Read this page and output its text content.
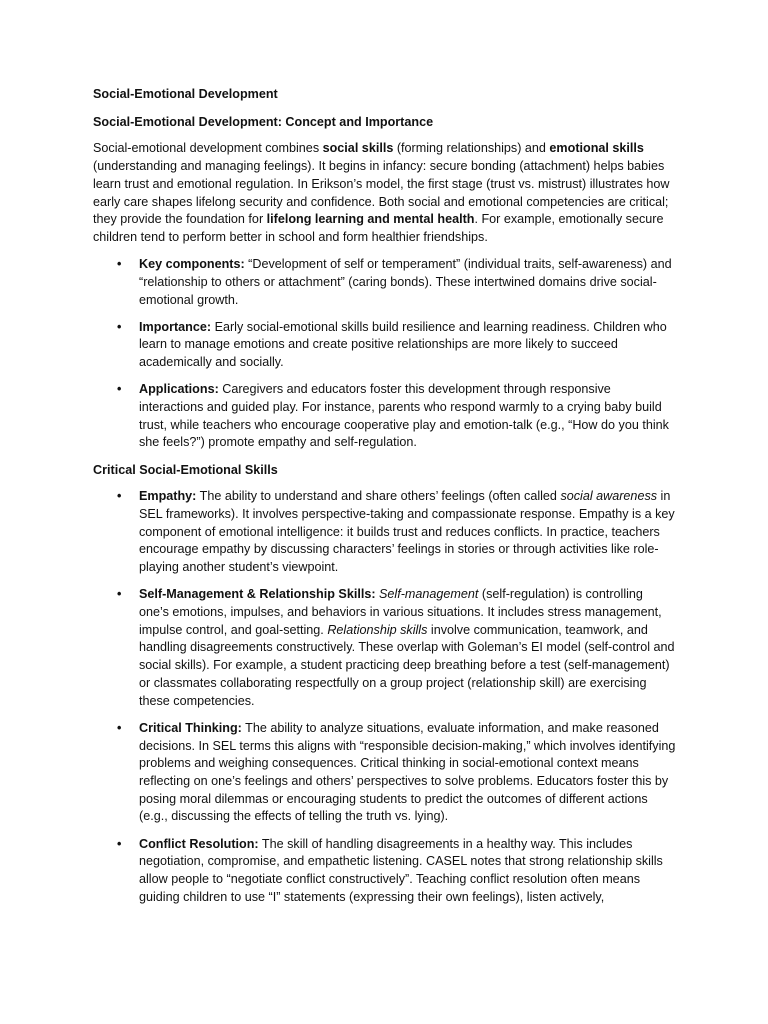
Social-Emotional Development
Social-Emotional Development: Concept and Importance

Social-emotional development combines social skills (forming relationships) and emotional skills (understanding and managing feelings). It begins in infancy: secure bonding (attachment) helps babies learn trust and emotional regulation. In Erikson’s model, the first stage (trust vs. mistrust) illustrates how early care shapes lifelong security and confidence. Both social and emotional competencies are critical; they provide the foundation for lifelong learning and mental health. For example, emotionally secure children tend to perform better in school and form healthier friendships.

• Key components: “Development of self or temperament” (individual traits, self-awareness) and “relationship to others or attachment” (caring bonds). These intertwined domains drive social-emotional growth.
• Importance: Early social-emotional skills build resilience and learning readiness. Children who learn to manage emotions and create positive relationships are more likely to succeed academically and socially.
• Applications: Caregivers and educators foster this development through responsive interactions and guided play. For instance, parents who respond warmly to a crying baby build trust, while teachers who encourage cooperative play and emotion-talk (e.g., “How do you think she feels?”) promote empathy and self-regulation.
Critical Social-Emotional Skills
• Empathy: The ability to understand and share others’ feelings (often called social awareness in SEL frameworks). It involves perspective-taking and compassionate response. Empathy is a key component of emotional intelligence: it builds trust and reduces conflicts. In practice, teachers encourage empathy by discussing characters’ feelings in stories or through activities like role-playing another student’s viewpoint.
• Self-Management & Relationship Skills: Self-management (self-regulation) is controlling one’s emotions, impulses, and behaviors in various situations. It includes stress management, impulse control, and goal-setting. Relationship skills involve communication, teamwork, and handling disagreements constructively. These overlap with Goleman’s EI model (self-control and social skills). For example, a student practicing deep breathing before a test (self-management) or classmates collaborating respectfully on a group project (relationship skill) are exercising these competencies.
• Critical Thinking: The ability to analyze situations, evaluate information, and make reasoned decisions. In SEL terms this aligns with “responsible decision-making,” which involves identifying problems and weighing consequences. Critical thinking in social-emotional context means reflecting on one’s feelings and others’ perspectives to solve problems. Educators foster this by posing moral dilemmas or encouraging students to predict the outcomes of different actions (e.g., discussing the effects of telling the truth vs. lying).
• Conflict Resolution: The skill of handling disagreements in a healthy way. This includes negotiation, compromise, and empathetic listening. CASEL notes that strong relationship skills allow people to “negotiate conflict constructively”. Teaching conflict resolution often means guiding children to use “I” statements (expressing their own feelings), listen actively,
